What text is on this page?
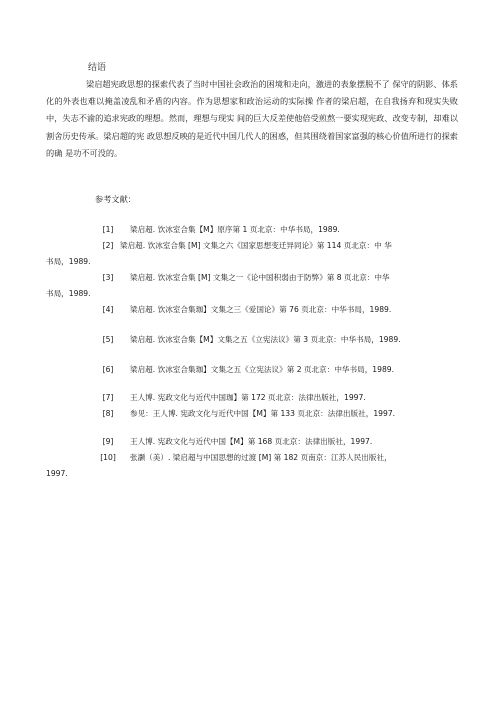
结语

梁启超宪政思想的探索代表了当时中国社会政治的困境和走向，激进的表象摆脱不了 保守的阴影、体系化的外表也难以掩盖凌乱和矛盾的内容。作为思想家和政治运动的实际操 作者的梁启超，在自我扬弃和现实失败中，失志不渝的追求宪政的理想。然而，理想与现实 间的巨大反差使他倍受煎熬一要实现宪政、改变专制，却难以割舍历史传承。梁启超的宪 政思想反映的是近代中国几代人的困惑，但其围绕着国家富强的核心价值所进行的探索的确 是功不可没的。

参考文献：
[1] 梁启超. 饮冰室合集【M】原序第 1 页北京：中华书局，1989.
[2] 梁启超. 饮冰室合集 [M] 文集之六《国家思想变迁异同论》第 114 页北京：中 华
书局，1989.
[3] 梁启超. 饮冰室合集 [M] 文集之一《论中国积弱由于防弊》第 8 页北京：中华
书局，1989.
[4] 梁启超. 饮冰室合集珈】文集之三《爱国论》第 76 页北京：中华书局，1989.
[5] 梁启超. 饮冰室合集【M】文集之五《立宪法议》第 3 页北京：中华书局，1989.
[6] 梁启超. 饮冰室合集珈】文集之五《立宪法议》第 2 页北京：中华书局，1989.
[7] 王人博. 宪政文化与近代中国珈】第 172 页北京：法律出版社，1997.
[8] 参见：王人博. 宪政文化与近代中国【M】第 133 页北京：法律出版社，1997.
[9] 王人博. 宪政文化与近代中国【M】第 168 页北京：法律出版社，1997.
[10] 张灏（美）. 梁启超与中国思想的过渡 [M] 第 182 页南京：江苏人民出版社，
1997.
